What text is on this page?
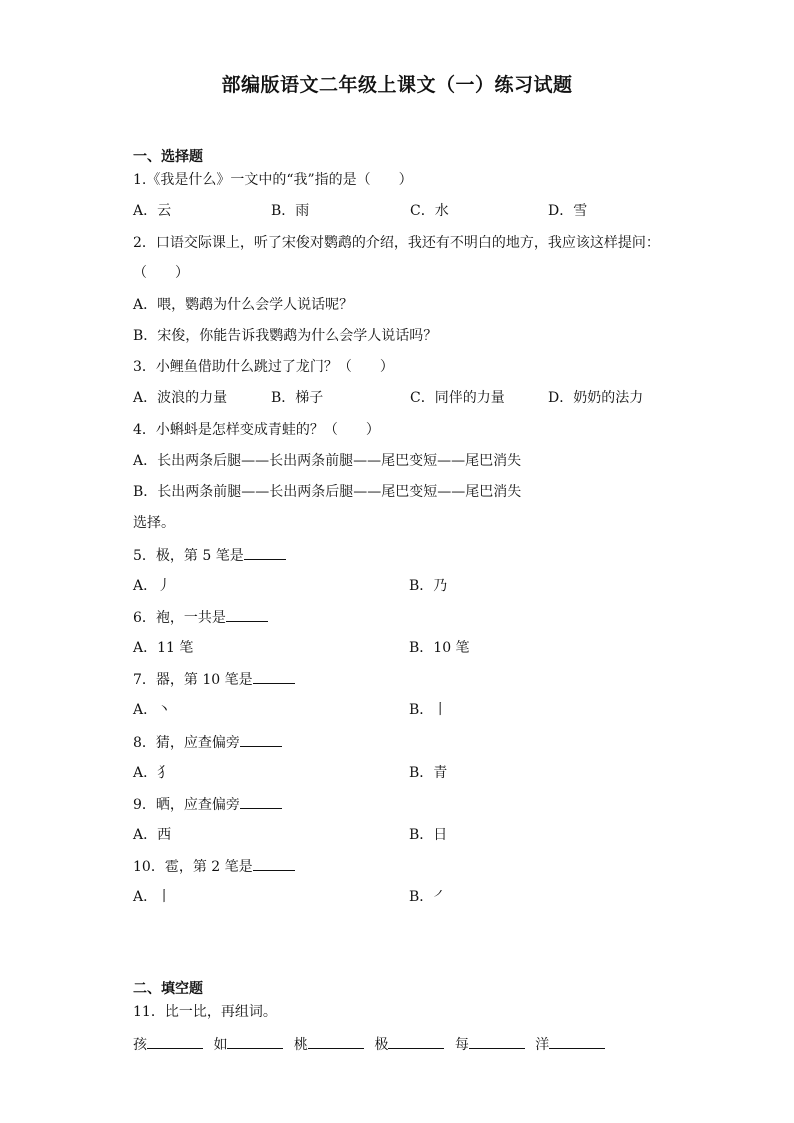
部编版语文二年级上课文（一）练习试题
一、选择题
1.《我是什么》一文中的“我”指的是（　　）
A．云	B．雨	C．水	D．雪
2．口语交际课上，听了宋俊对鹦鹉的介绍，我还有不明白的地方，我应该这样提问：
（　　）
A．喂，鹦鹉为什么会学人说话呢？
B．宋俊，你能告诉我鹦鹉为什么会学人说话吗？
3．小鲤鱼借助什么跳过了龙门？（　　）
A．波浪的力量	B．梯子	C．同伴的力量	D．奶奶的法力
4．小蝌蚪是怎样变成青蛙的？（　　）
A．长出两条后腿——长出两条前腿——尾巴变短——尾巴消失
B．长出两条前腿——长出两条后腿——尾巴变短——尾巴消失
选择。
5．极，第 5 笔是
A．丿	B．乃
6．袍，一共是
A．11 笔	B．10 笔
7．器，第 10 笔是
A．丶	B．丨
8．猜，应查偏旁
A．犭	B．青
9．晒，应查偏旁
A．西	B．日
10．雹，第 2 笔是
A．丨	B．㇒
二、填空题
11．比一比，再组词。
孩	如	桃	极	每	洋
